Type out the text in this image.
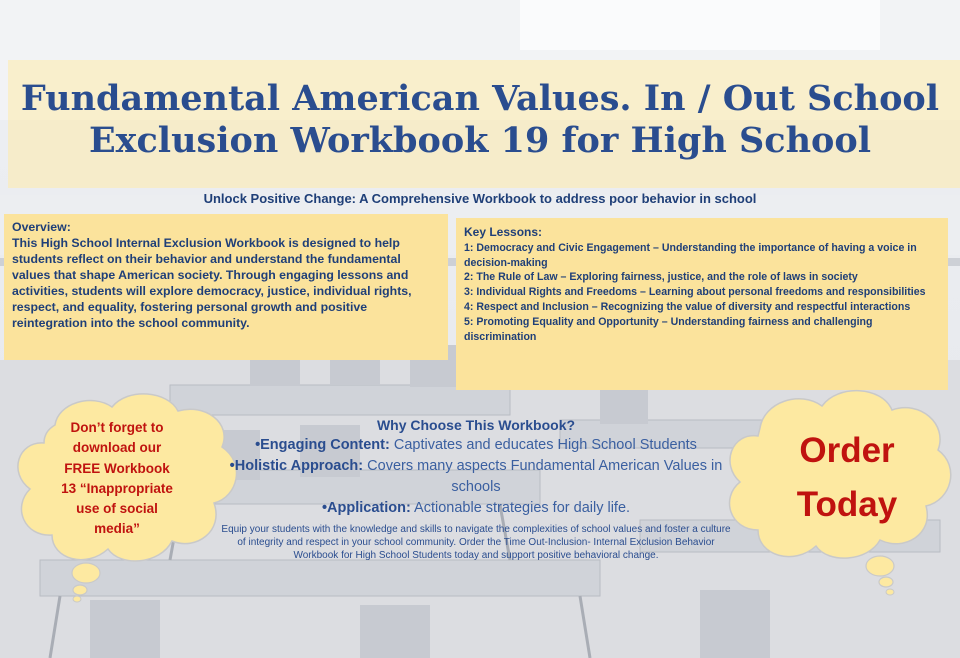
Fundamental American Values. In / Out School
Exclusion Workbook 19 for High School
Unlock Positive Change: A Comprehensive Workbook to address poor behavior in school
Overview:
This High School Internal Exclusion Workbook is designed to help students reflect on their behavior and understand the fundamental values that shape American society. Through engaging lessons and activities, students will explore democracy, justice, individual rights, respect, and equality, fostering personal growth and positive reintegration into the school community.
Key Lessons:
1: Democracy and Civic Engagement – Understanding the importance of having a voice in decision-making
2: The Rule of Law – Exploring fairness, justice, and the role of laws in society
3: Individual Rights and Freedoms – Learning about personal freedoms and responsibilities
4: Respect and Inclusion – Recognizing the value of diversity and respectful interactions
5: Promoting Equality and Opportunity – Understanding fairness and challenging discrimination
Don’t forget to
download our
FREE Workbook
13 “Inappropriate
use of social
media”
Order
Today
Why Choose This Workbook?
•Engaging Content: Captivates and educates High School Students
•Holistic Approach: Covers many aspects Fundamental American Values in schools
•Application: Actionable strategies for daily life.
Equip your students with the knowledge and skills to navigate the complexities of school values and foster a culture of integrity and respect in your school community. Order the Time Out-Inclusion- Internal Exclusion Behavior Workbook for High School Students today and support positive behavioral change.
